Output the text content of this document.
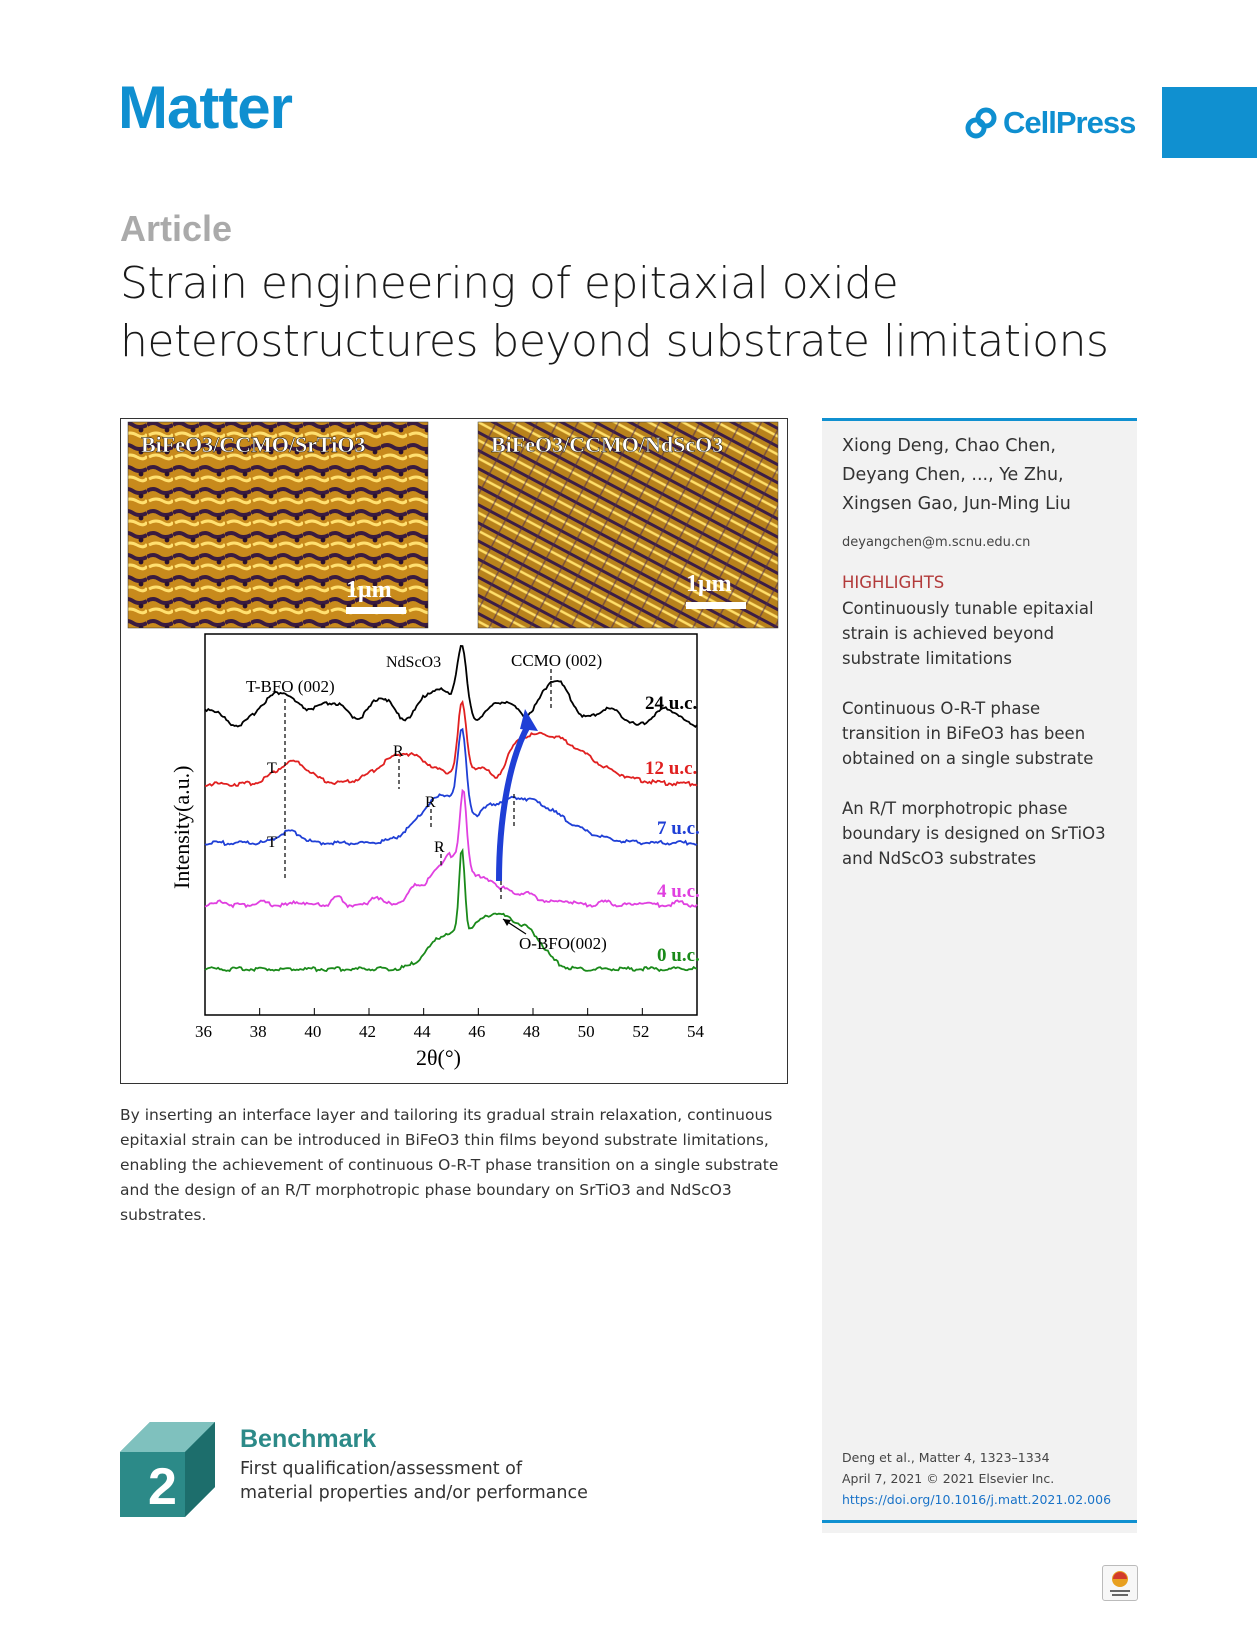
Matter	CellPress
Article
Strain engineering of epitaxial oxide heterostructures beyond substrate limitations
BiFeO3/CCMO/SrTiO3	BiFeO3/CCMO/NdScO3
1μm	1μm
36 38 40 42 44 46 48 50 52 54
2θ(°)
Intensity(a.u.)
24 u.c.
12 u.c.
7 u.c.
4 u.c.
0 u.c.
T-BFO (002)
NdScO3	CCMO (002)
R
R
R
T
T
O-BFO(002)
Xiong Deng, Chao Chen, Deyang Chen, ..., Ye Zhu, Xingsen Gao, Jun-Ming Liu
deyangchen@m.scnu.edu.cn
HIGHLIGHTS
Continuously tunable epitaxial strain is achieved beyond substrate limitations
Continuous O-R-T phase transition in BiFeO3 has been obtained on a single substrate
An R/T morphotropic phase boundary is designed on SrTiO3 and NdScO3 substrates
Deng et al., Matter 4, 1323–1334
April 7, 2021 © 2021 Elsevier Inc.
https://doi.org/10.1016/j.matt.2021.02.006
By inserting an interface layer and tailoring its gradual strain relaxation, continuous epitaxial strain can be introduced in BiFeO3 thin films beyond substrate limitations, enabling the achievement of continuous O-R-T phase transition on a single substrate and the design of an R/T morphotropic phase boundary on SrTiO3 and NdScO3 substrates.
2
Benchmark
First qualification/assessment of material properties and/or performance
